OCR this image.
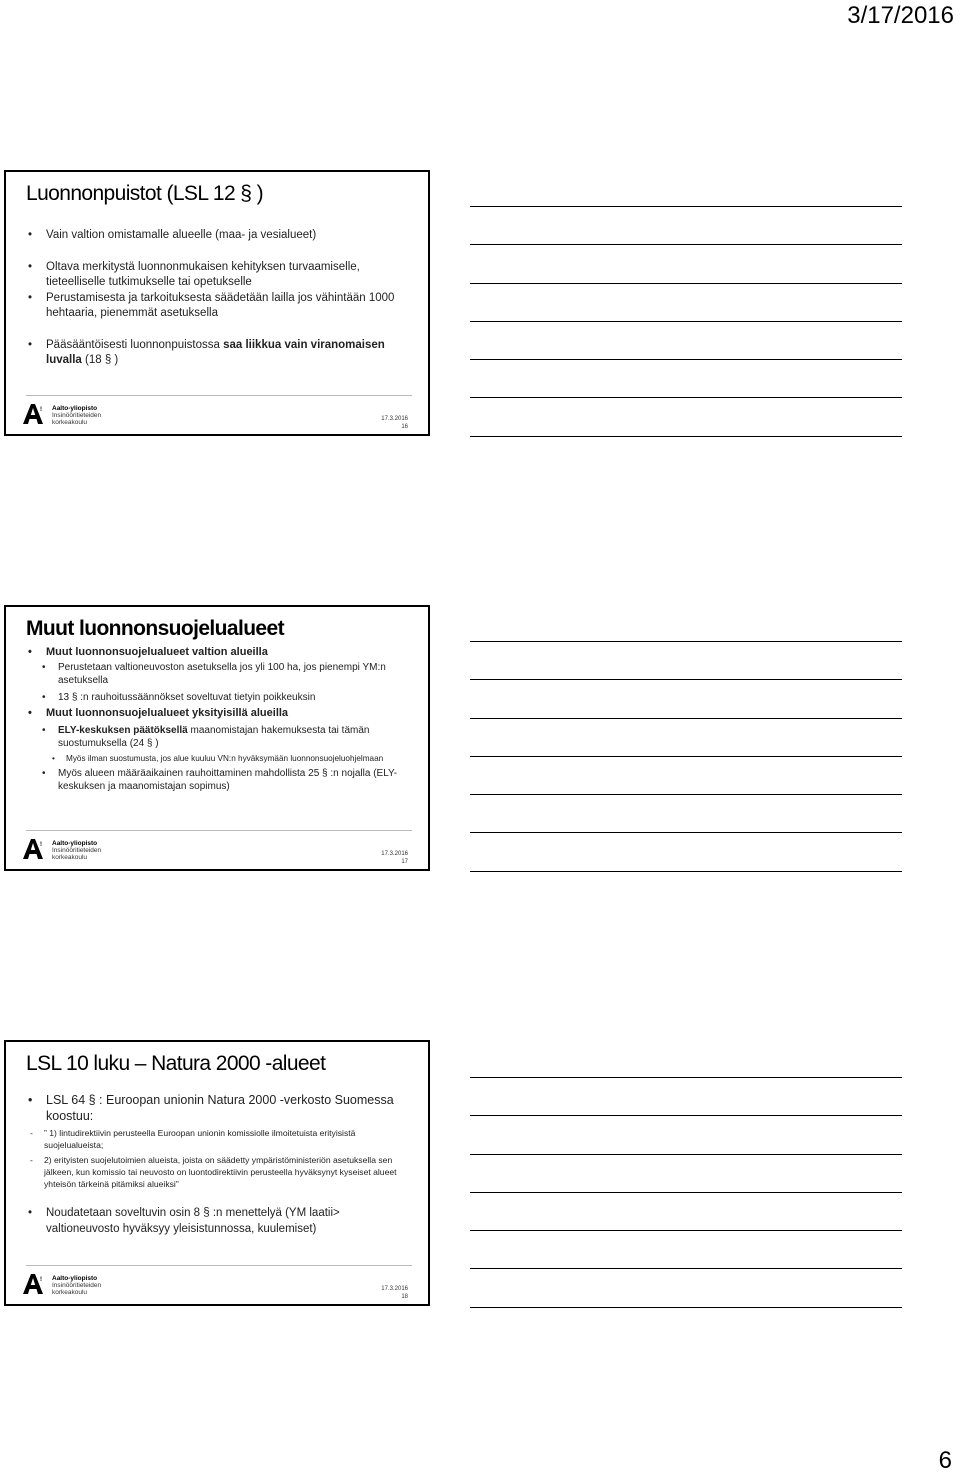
3/17/2016
Luonnonpuistot (LSL 12 § )
• Vain valtion omistamalle alueelle (maa- ja vesialueet)
• Oltava merkitystä luonnonmukaisen kehityksen turvaamiselle, tieteelliselle tutkimukselle tai opetukselle
• Perustamisesta ja tarkoituksesta säädetään lailla jos vähintään 1000 hehtaaria, pienemmät asetuksella
• Pääsääntöisesti luonnonpuistossa saa liikkua vain viranomaisen luvalla (18 § )
! Aalto-yliopisto
Insinööritieteiden
korkeakoulu
17.3.2016
16
Muut luonnonsuojelualueet
• Muut luonnonsuojelualueet valtion alueilla
• Perustetaan valtioneuvoston asetuksella jos yli 100 ha, jos pienempi YM:n asetuksella
• 13 § :n rauhoitussäännökset soveltuvat tietyin poikkeuksin
• Muut luonnonsuojelualueet yksityisillä alueilla
• ELY-keskuksen päätöksellä maanomistajan hakemuksesta tai tämän suostumuksella (24 § )
• Myös ilman suostumusta, jos alue kuuluu VN:n hyväksymään luonnonsuojeluohjelmaan
• Myös alueen määräaikainen rauhoittaminen mahdollista 25 § :n nojalla (ELY-keskuksen ja maanomistajan sopimus)
! Aalto-yliopisto
Insinööritieteiden
korkeakoulu
17.3.2016
17
LSL 10 luku – Natura 2000 -alueet
• LSL 64 § : Euroopan unionin Natura 2000 -verkosto Suomessa koostuu:
- ” 1) lintudirektiivin perusteella Euroopan unionin komissiolle ilmoitetuista erityisistä suojelualueista;
- 2) erityisten suojelutoimien alueista, joista on säädetty ympäristöministeriön asetuksella sen jälkeen, kun komissio tai neuvosto on luontodirektiivin perusteella hyväksynyt kyseiset alueet yhteisön tärkeinä pitämiksi alueiksi”
• Noudatetaan soveltuvin osin 8 § :n menettelyä (YM laatii> valtioneuvosto hyväksyy yleisistunnossa, kuulemiset)
! Aalto-yliopisto
Insinööritieteiden
korkeakoulu
17.3.2016
18
6
